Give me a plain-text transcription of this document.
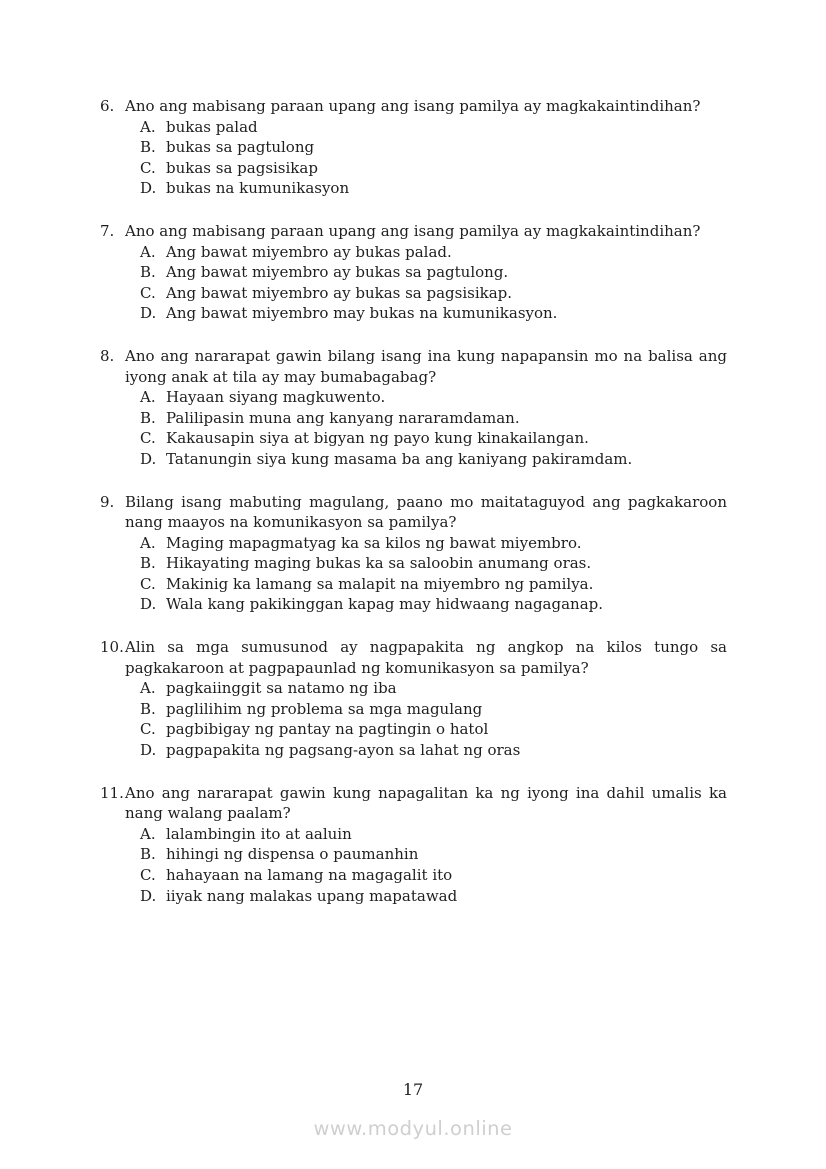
6. Ano ang mabisang paraan upang ang isang pamilya ay magkakaintindihan?
A. bukas palad
B. bukas sa pagtulong
C. bukas sa pagsisikap
D. bukas na kumunikasyon
7. Ano ang mabisang paraan upang ang isang pamilya ay magkakaintindihan?
A. Ang bawat miyembro ay bukas palad.
B. Ang bawat miyembro ay bukas sa pagtulong.
C. Ang bawat miyembro ay bukas sa pagsisikap.
D. Ang bawat miyembro may bukas na kumunikasyon.
8. Ano ang nararapat gawin bilang isang ina kung napapansin mo na balisa ang iyong anak at tila ay may bumabagabag?
A. Hayaan siyang magkuwento.
B. Palilipasin muna ang kanyang nararamdaman.
C. Kakausapin siya at bigyan ng payo kung kinakailangan.
D. Tatanungin siya kung masama ba ang kaniyang pakiramdam.
9. Bilang isang mabuting magulang, paano mo maitataguyod ang pagkakaroon nang maayos na komunikasyon sa pamilya?
A. Maging mapagmatyag ka sa kilos ng bawat miyembro.
B. Hikayating maging bukas ka sa saloobin anumang oras.
C. Makinig ka lamang sa malapit na miyembro ng pamilya.
D. Wala kang pakikinggan kapag may hidwaang nagaganap.
10. Alin sa mga sumusunod ay nagpapakita ng angkop na kilos tungo sa pagkakaroon at pagpapaunlad ng komunikasyon sa pamilya?
A. pagkaiinggit sa natamo ng iba
B. paglilihim ng problema sa mga magulang
C. pagbibigay ng pantay na pagtingin o hatol
D. pagpapakita ng pagsang-ayon sa lahat ng oras
11. Ano ang nararapat gawin kung napagalitan ka ng iyong ina dahil umalis ka nang walang paalam?
A. lalambingin ito at aaluin
B. hihingi ng dispensa o paumanhin
C. hahayaan na lamang na magagalit ito
D. iiyak nang malakas upang mapatawad
17
www.modyul.online
